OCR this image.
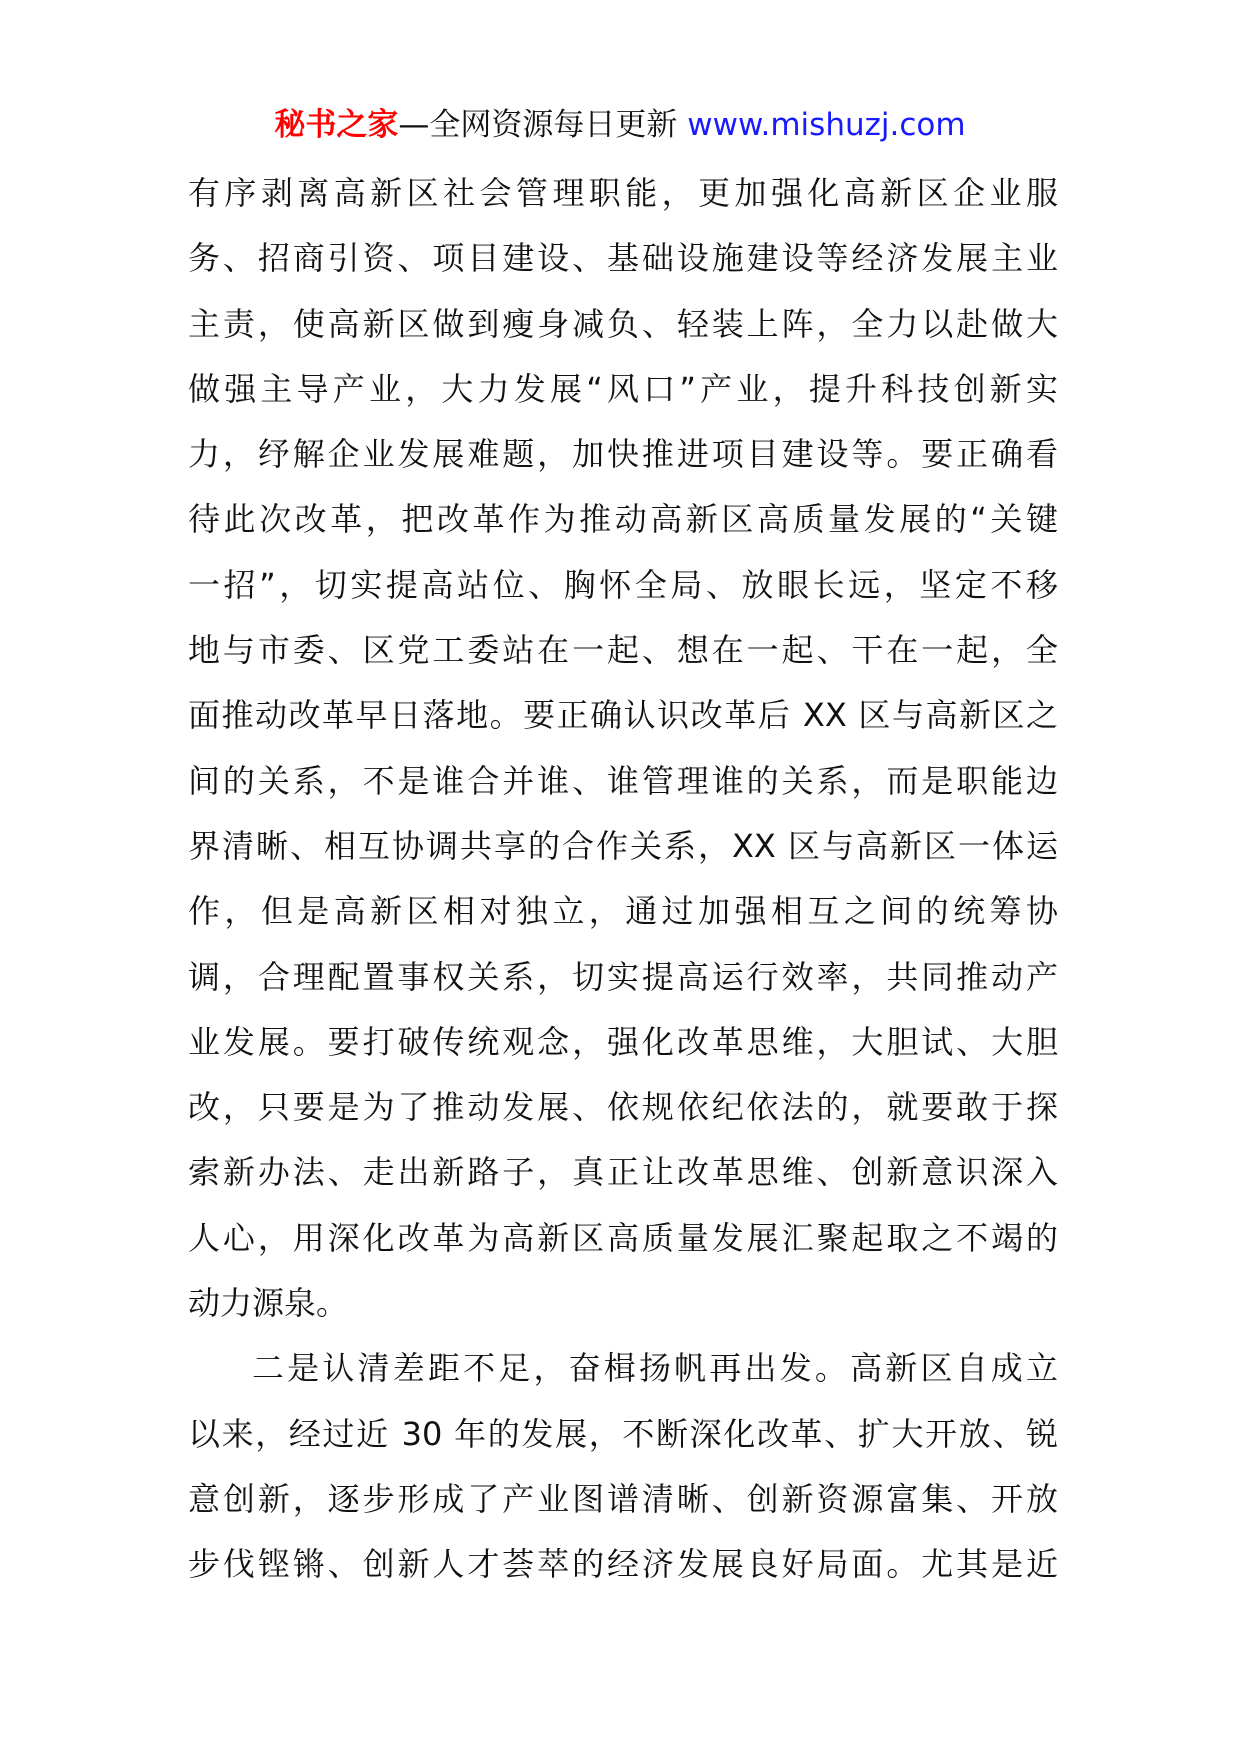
秘书之家—全网资源每日更新 www.mishuzj.com
有序剥离高新区社会管理职能，更加强化高新区企业服
务、招商引资、项目建设、基础设施建设等经济发展主业
主责，使高新区做到瘦身减负、轻装上阵，全力以赴做大
做强主导产业，大力发展“风口”产业，提升科技创新实
力，纾解企业发展难题，加快推进项目建设等。要正确看
待此次改革，把改革作为推动高新区高质量发展的“关键
一招”，切实提高站位、胸怀全局、放眼长远，坚定不移
地与市委、区党工委站在一起、想在一起、干在一起，全
面推动改革早日落地。要正确认识改革后 XX 区与高新区之
间的关系，不是谁合并谁、谁管理谁的关系，而是职能边
界清晰、相互协调共享的合作关系，XX 区与高新区一体运
作，但是高新区相对独立，通过加强相互之间的统筹协
调，合理配置事权关系，切实提高运行效率，共同推动产
业发展。要打破传统观念，强化改革思维，大胆试、大胆
改，只要是为了推动发展、依规依纪依法的，就要敢于探
索新办法、走出新路子，真正让改革思维、创新意识深入
人心，用深化改革为高新区高质量发展汇聚起取之不竭的
动力源泉。
二是认清差距不足，奋楫扬帆再出发。高新区自成立
以来，经过近 30 年的发展，不断深化改革、扩大开放、锐
意创新，逐步形成了产业图谱清晰、创新资源富集、开放
步伐铿锵、创新人才荟萃的经济发展良好局面。尤其是近
